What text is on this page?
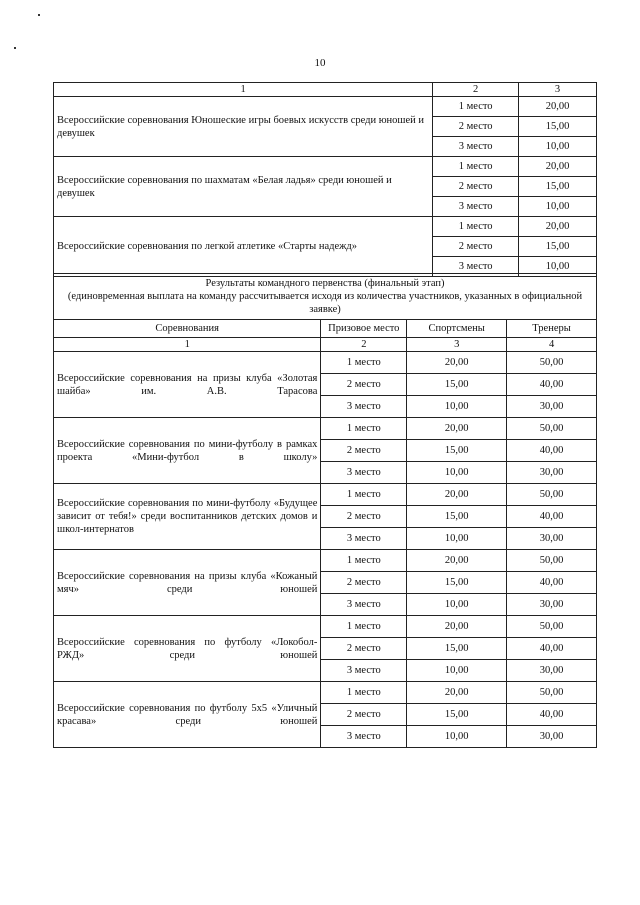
10
1	2	3
Всероссийские соревнования Юношеские игры боевых искусств среди юношей и девушек	1 место	20,00
	2 место	15,00
	3 место	10,00
Всероссийские соревнования по шахматам «Белая ладья» среди юношей и девушек	1 место	20,00
	2 место	15,00
	3 место	10,00
Всероссийские соревнования по легкой атлетике «Старты надежд»	1 место	20,00
	2 место	15,00
	3 место	10,00
Результаты командного первенства (финальный этап)
(единовременная выплата на команду рассчитывается исходя из количества участников, указанных в официальной заявке)			

Соревнования	Призовое место	Спортсмены	Тренеры
1	2	3	4
Всероссийские соревнования на призы клуба «Золотая шайба» им. А.В. Тарасова	1 место	20,00	50,00
	2 место	15,00	40,00
	3 место	10,00	30,00
Всероссийские соревнования по мини-футболу в рамках проекта «Мини-футбол в школу»	1 место	20,00	50,00
	2 место	15,00	40,00
	3 место	10,00	30,00
Всероссийские соревнования по мини-футболу «Будущее зависит от тебя!» среди воспитанников детских домов и школ-интернатов	1 место	20,00	50,00
	2 место	15,00	40,00
	3 место	10,00	30,00
Всероссийские соревнования на призы клуба «Кожаный мяч» среди юношей	1 место	20,00	50,00
	2 место	15,00	40,00
	3 место	10,00	30,00
Всероссийские соревнования по футболу «Локобол-РЖД» среди юношей	1 место	20,00	50,00
	2 место	15,00	40,00
	3 место	10,00	30,00
Всероссийские соревнования по футболу 5х5 «Уличный красава» среди юношей	1 место	20,00	50,00
	2 место	15,00	40,00
	3 место	10,00	30,00
